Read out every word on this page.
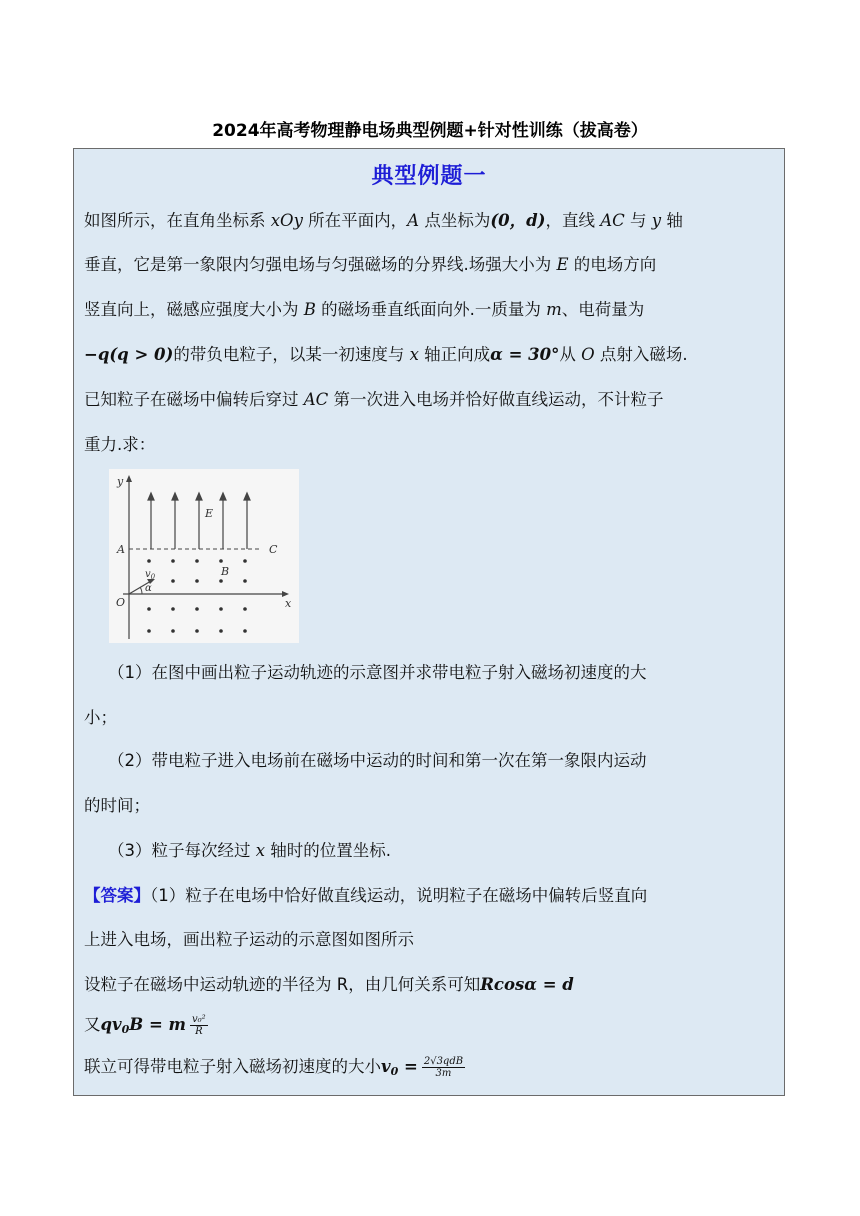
2024年高考物理静电场典型例题+针对性训练（拔高卷）
典型例题一
如图所示，在直角坐标系 xOy 所在平面内，A 点坐标为(0，d)，直线 AC 与 y 轴
垂直，它是第一象限内匀强电场与匀强磁场的分界线.场强大小为 E 的电场方向
竖直向上，磁感应强度大小为 B 的磁场垂直纸面向外.一质量为 m、电荷量为
−q(q > 0)的带负电粒子，以某一初速度与 x 轴正向成α = 30°从 O 点射入磁场.
已知粒子在磁场中偏转后穿过 AC 第一次进入电场并恰好做直线运动，不计粒子
重力.求：
y
x
O
A	C
E
B
$v_0$
α
（1）在图中画出粒子运动轨迹的示意图并求带电粒子射入磁场初速度的大
小；
（2）带电粒子进入电场前在磁场中运动的时间和第一次在第一象限内运动
的时间；
（3）粒子每次经过 x 轴时的位置坐标.
【答案】（1）粒子在电场中恰好做直线运动，说明粒子在磁场中偏转后竖直向
上进入电场，画出粒子运动的示意图如图所示
设粒子在磁场中运动轨迹的半径为 R，由几何关系可知Rcosα = d
又qv0B = m $\frac{\text{v₀²}}{R}$
联立可得带电粒子射入磁场初速度的大小$v0 = \frac{\text{2√3qdB}}{3m}$
